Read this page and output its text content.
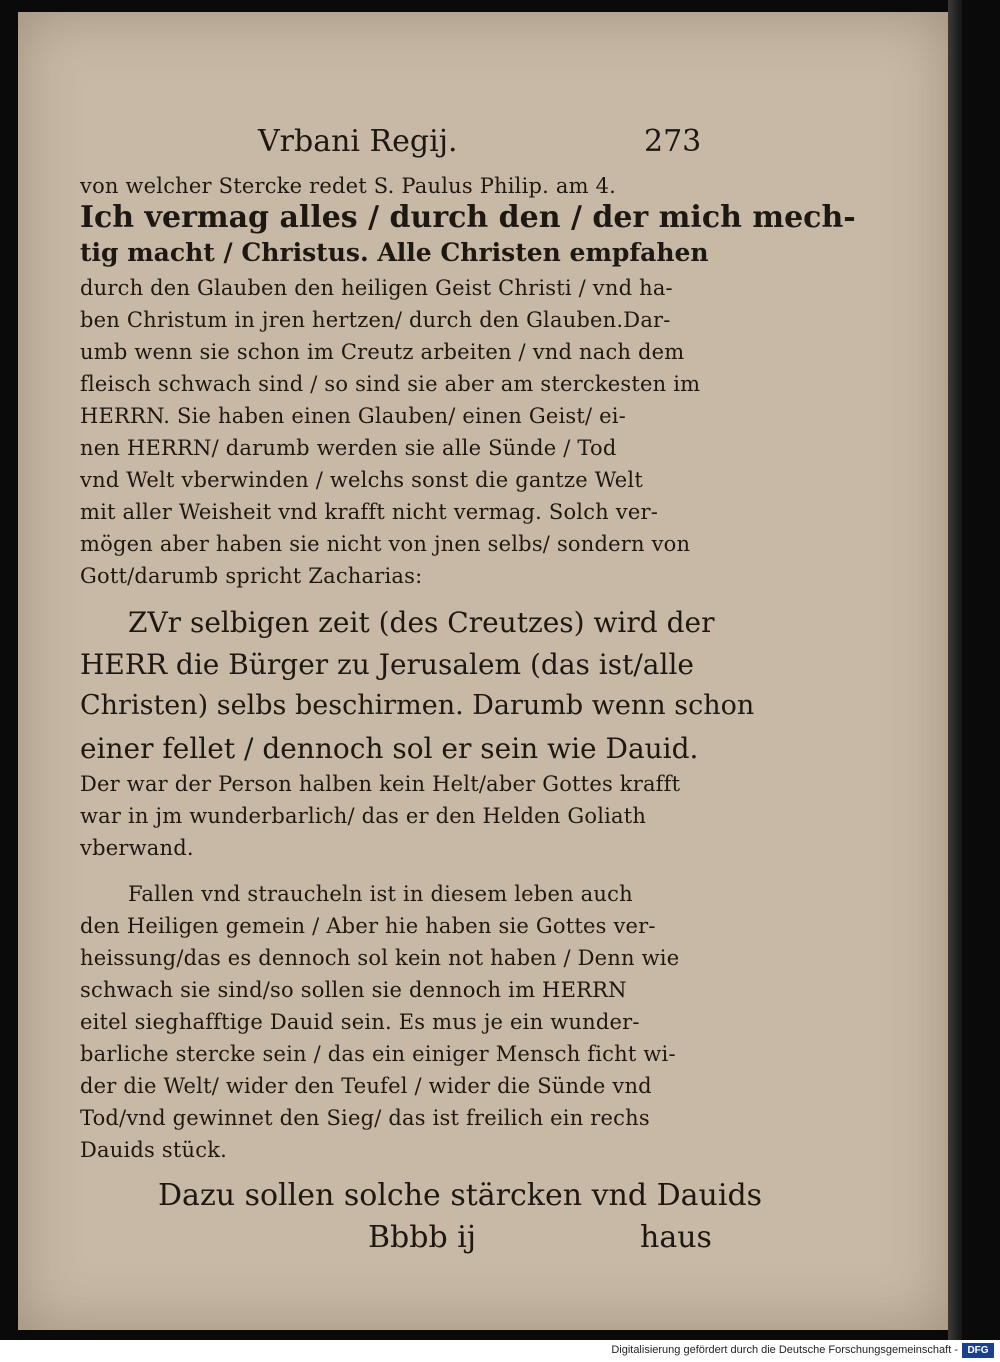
Vrbani Regij.	273
von welcher Stercke redet S. Paulus Philip. am 4.
Ich vermag alles / durch den / der mich mech-
tig macht / Christus. Alle Christen empfahen
durch den Glauben den heiligen Geist Christi / vnd ha-
ben Christum in jren hertzen/ durch den Glauben.Dar-
umb wenn sie schon im Creutz arbeiten / vnd nach dem
fleisch schwach sind / so sind sie aber am sterckesten im
HERRN. Sie haben einen Glauben/ einen Geist/ ei-
nen HERRN/ darumb werden sie alle Sünde / Tod
vnd Welt vberwinden / welchs sonst die gantze Welt
mit aller Weisheit vnd krafft nicht vermag. Solch ver-
mögen aber haben sie nicht von jnen selbs/ sondern von
Gott/darumb spricht Zacharias:
ZVr selbigen zeit (des Creutzes) wird der
HERR die Bürger zu Jerusalem (das ist/alle
Christen) selbs beschirmen. Darumb wenn schon
einer fellet / dennoch sol er sein wie Dauid.
Der war der Person halben kein Helt/aber Gottes krafft
war in jm wunderbarlich/ das er den Helden Goliath
vberwand.
Fallen vnd straucheln ist in diesem leben auch
den Heiligen gemein / Aber hie haben sie Gottes ver-
heissung/das es dennoch sol kein not haben / Denn wie
schwach sie sind/so sollen sie dennoch im HERRN
eitel sieghafftige Dauid sein. Es mus je ein wunder-
barliche stercke sein / das ein einiger Mensch ficht wi-
der die Welt/ wider den Teufel / wider die Sünde vnd
Tod/vnd gewinnet den Sieg/ das ist freilich ein rechs
Dauids stück.
Dazu sollen solche stärcken vnd Dauids
Bbbb ij	haus
Digitalisierung gefördert durch die Deutsche Forschungsgemeinschaft - DFG
